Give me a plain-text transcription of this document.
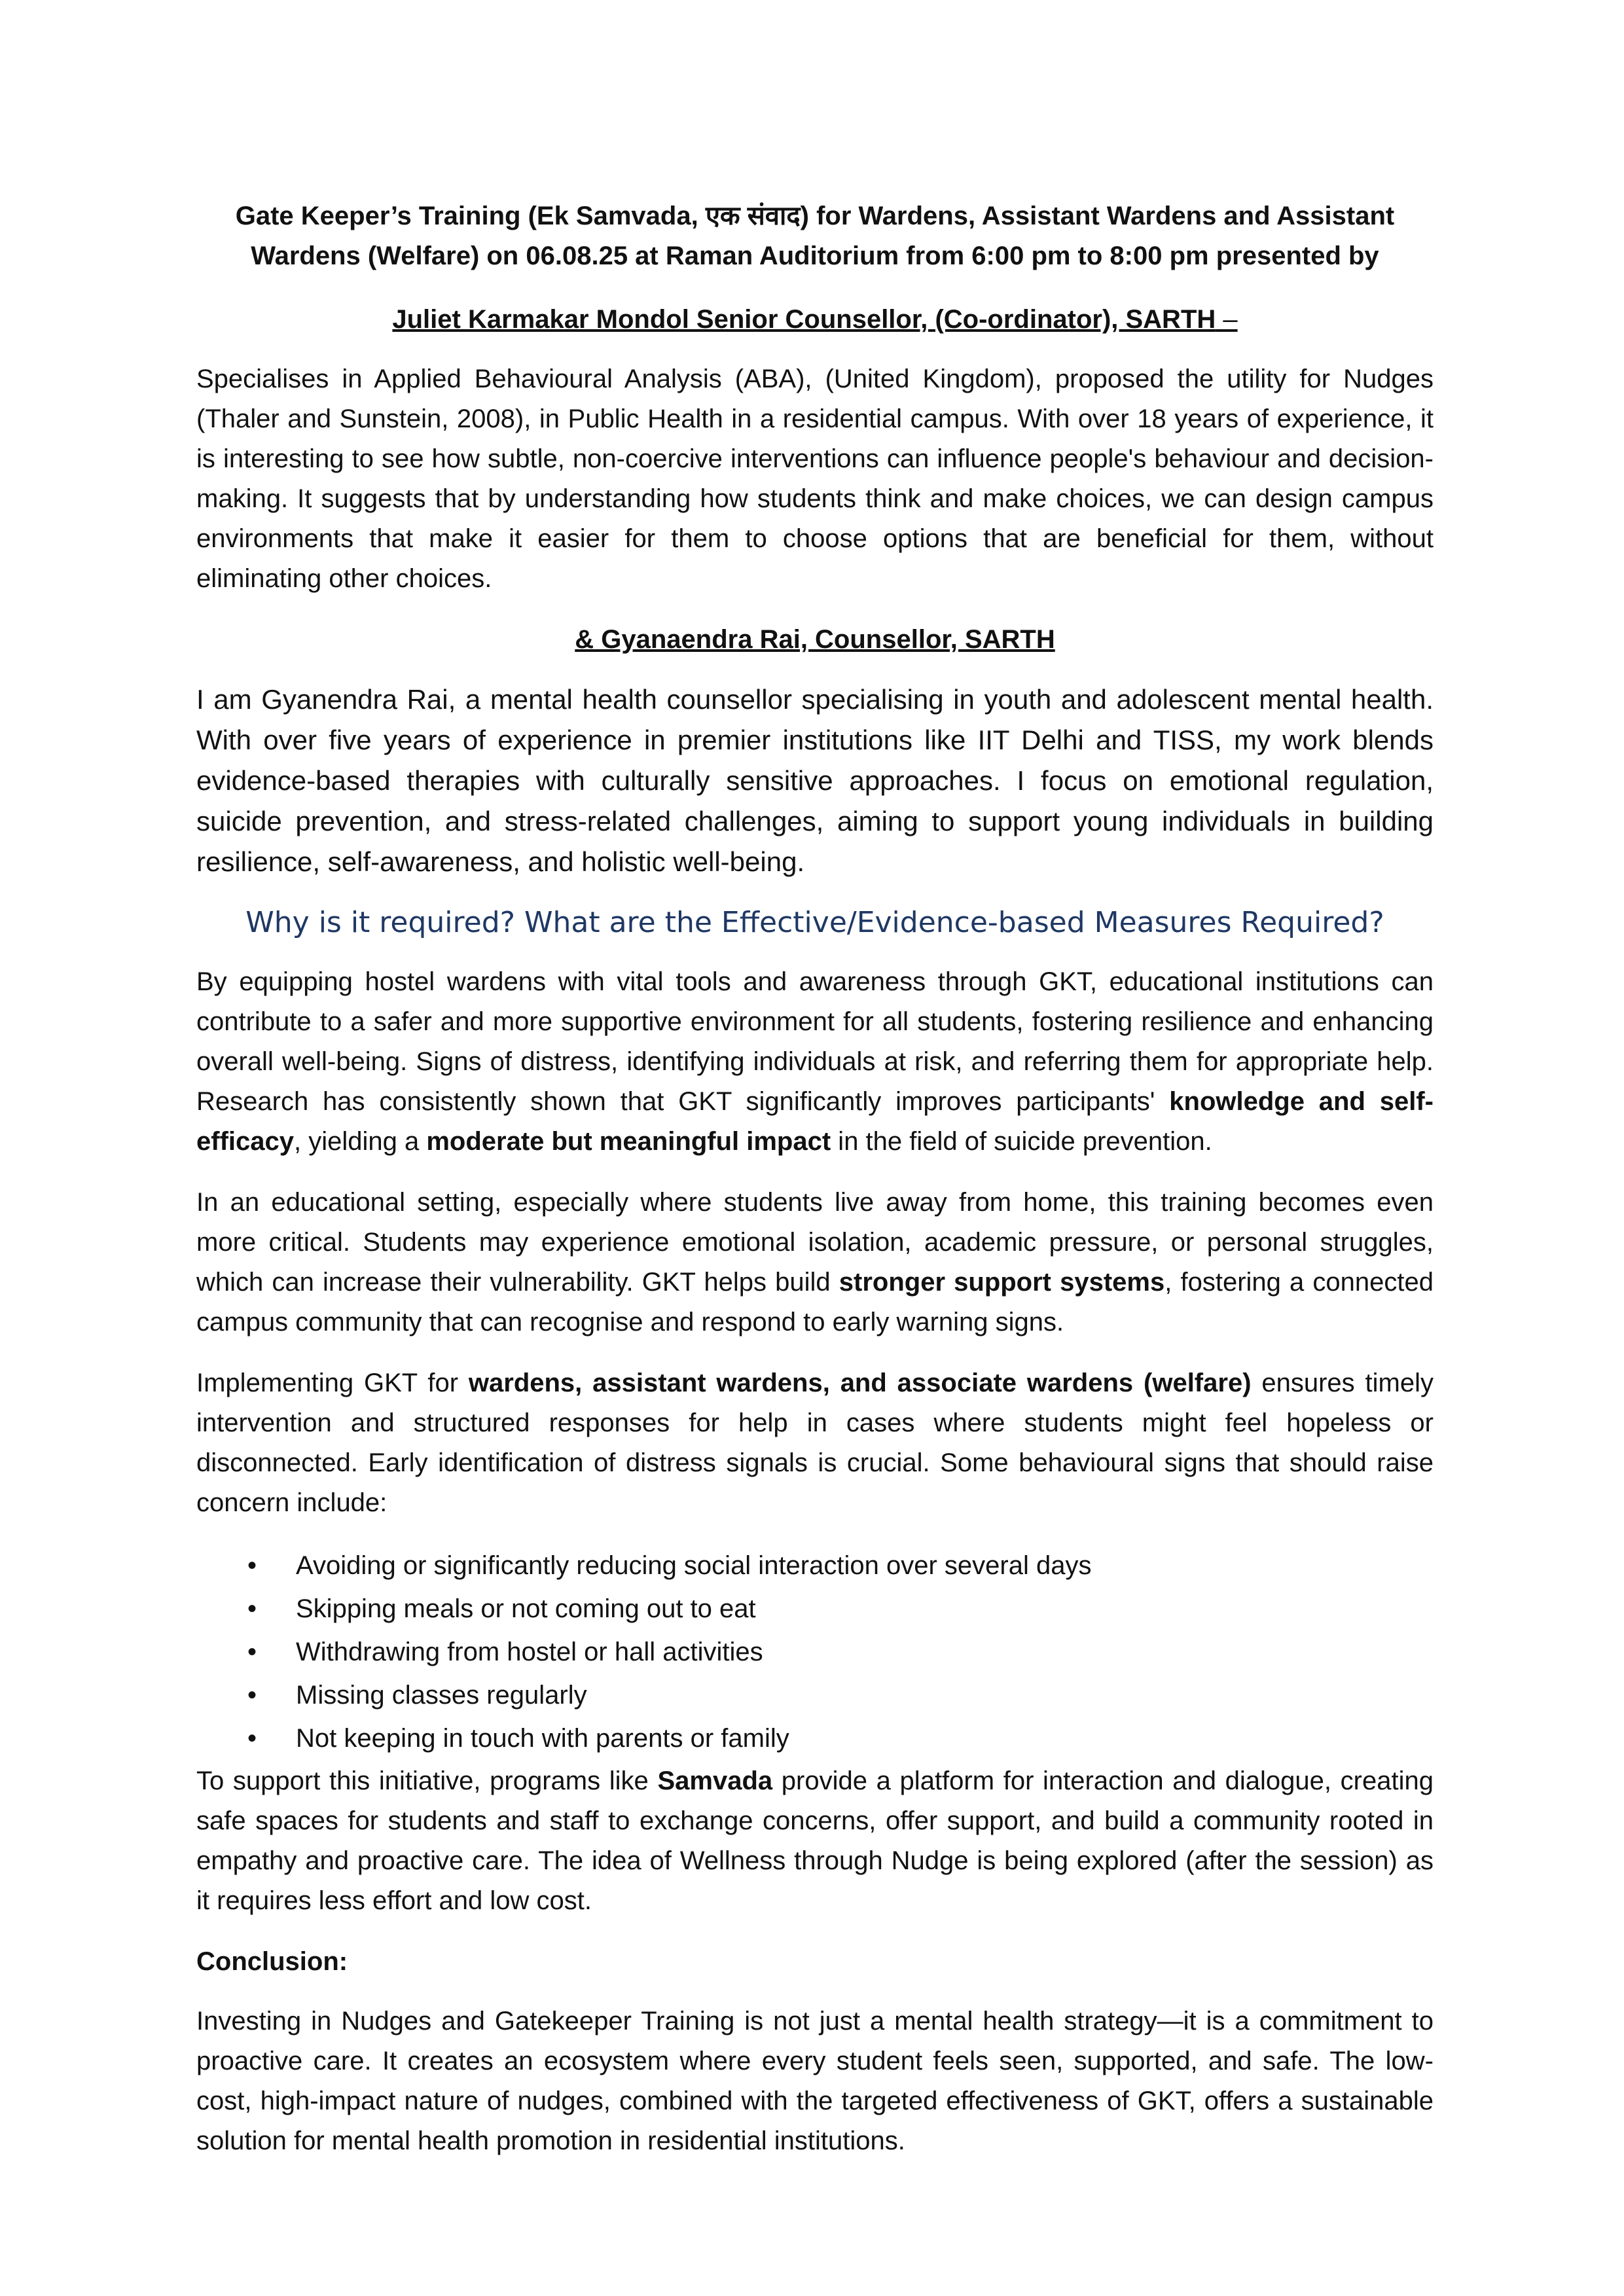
Gate Keeper’s Training (Ek Samvada, एक संवाद) for Wardens, Assistant Wardens and Assistant
Wardens (Welfare) on 06.08.25 at Raman Auditorium from 6:00 pm to 8:00 pm presented by
Juliet Karmakar Mondol Senior Counsellor, (Co-ordinator), SARTH –

Specialises in Applied Behavioural Analysis (ABA), (United Kingdom), proposed the utility for Nudges (Thaler and Sunstein, 2008), in Public Health in a residential campus. With over 18 years of experience, it is interesting to see how subtle, non-coercive interventions can influence people's behaviour and decision-making. It suggests that by understanding how students think and make choices, we can design campus environments that make it easier for them to choose options that are beneficial for them, without eliminating other choices.

& Gyanaendra Rai, Counsellor, SARTH

I am Gyanendra Rai, a mental health counsellor specialising in youth and adolescent mental health. With over five years of experience in premier institutions like IIT Delhi and TISS, my work blends evidence-based therapies with culturally sensitive approaches. I focus on emotional regulation, suicide prevention, and stress-related challenges, aiming to support young individuals in building resilience, self-awareness, and holistic well-being.

Why is it required? What are the Effective/Evidence-based Measures Required?

By equipping hostel wardens with vital tools and awareness through GKT, educational institutions can contribute to a safer and more supportive environment for all students, fostering resilience and enhancing overall well-being. Signs of distress, identifying individuals at risk, and referring them for appropriate help. Research has consistently shown that GKT significantly improves participants' knowledge and self-efficacy, yielding a moderate but meaningful impact in the field of suicide prevention.

In an educational setting, especially where students live away from home, this training becomes even more critical. Students may experience emotional isolation, academic pressure, or personal struggles, which can increase their vulnerability. GKT helps build stronger support systems, fostering a connected campus community that can recognise and respond to early warning signs.

Implementing GKT for wardens, assistant wardens, and associate wardens (welfare) ensures timely intervention and structured responses for help in cases where students might feel hopeless or disconnected. Early identification of distress signals is crucial. Some behavioural signs that should raise concern include:

• Avoiding or significantly reducing social interaction over several days
• Skipping meals or not coming out to eat
• Withdrawing from hostel or hall activities
• Missing classes regularly
• Not keeping in touch with parents or family

To support this initiative, programs like Samvada provide a platform for interaction and dialogue, creating safe spaces for students and staff to exchange concerns, offer support, and build a community rooted in empathy and proactive care. The idea of Wellness through Nudge is being explored (after the session) as it requires less effort and low cost.

Conclusion:

Investing in Nudges and Gatekeeper Training is not just a mental health strategy—it is a commitment to proactive care. It creates an ecosystem where every student feels seen, supported, and safe. The low-cost, high-impact nature of nudges, combined with the targeted effectiveness of GKT, offers a sustainable solution for mental health promotion in residential institutions.
